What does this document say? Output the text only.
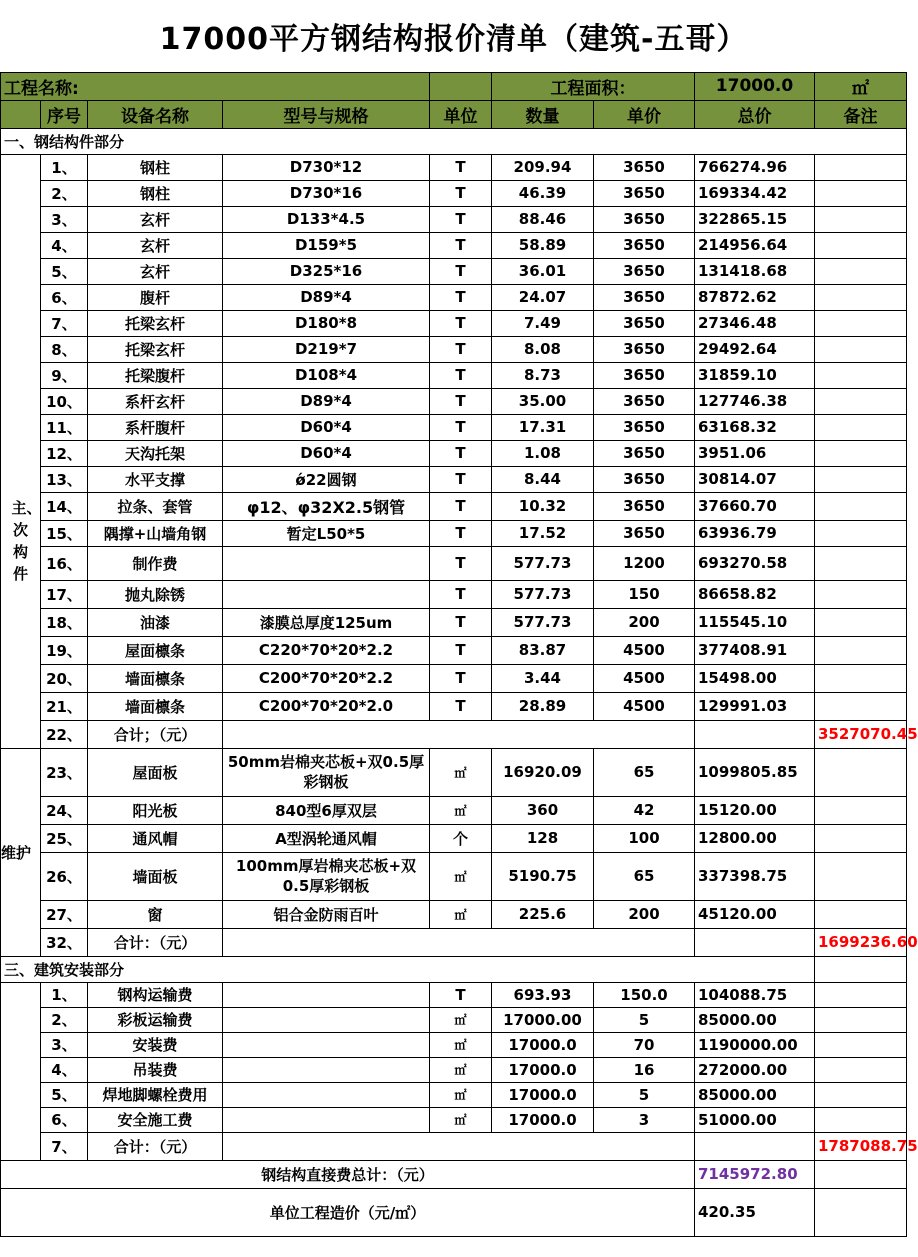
17000平方钢结构报价清单（建筑-五哥）									
工程名称:					工程面积：		17000.0	㎡	
	序号	设备名称	型号与规格	单位	数量	单价	总价	备注	
一、钢结构件部分									

主、次构件	1、	钢柱	D730*12	T	209.94	3650	766274.96		
	2、	钢柱	D730*16	T	46.39	3650	169334.42		
	3、	玄杆	D133*4.5	T	88.46	3650	322865.15		
	4、	玄杆	D159*5	T	58.89	3650	214956.64		
	5、	玄杆	D325*16	T	36.01	3650	131418.68		
	6、	腹杆	D89*4	T	24.07	3650	87872.62		
	7、	托梁玄杆	D180*8	T	7.49	3650	27346.48		
	8、	托梁玄杆	D219*7	T	8.08	3650	29492.64		
	9、	托梁腹杆	D108*4	T	8.73	3650	31859.10		
	10、	系杆玄杆	D89*4	T	35.00	3650	127746.38		
	11、	系杆腹杆	D60*4	T	17.31	3650	63168.32		
	12、	天沟托架	D60*4	T	1.08	3650	3951.06		
	13、	水平支撑	ǿ22圆钢	T	8.44	3650	30814.07		
	14、	拉条、套管	φ12、φ32X2.5钢管	T	10.32	3650	37660.70		
	15、	隅撑+山墙角钢	暂定L50*5	T	17.52	3650	63936.79		
	16、	制作费		T	577.73	1200	693270.58		
	17、	抛丸除锈		T	577.73	150	86658.82		
	18、	油漆	漆膜总厚度125um	T	577.73	200	115545.10		
	19、	屋面檩条	C220*70*20*2.2	T	83.87	4500	377408.91		
	20、	墙面檩条	C200*70*20*2.2	T	3.44	4500	15498.00		
	21、	墙面檩条	C200*70*20*2.0	T	28.89	4500	129991.03		
	22、	合计；（元）						3527070.45	
维护	23、	屋面板	50mm岩棉夹芯板+双0.5厚彩钢板	㎡	16920.09	65	1099805.85		
	24、	阳光板	840型6厚双层	㎡	360	42	15120.00		
	25、	通风帽	A型涡轮通风帽	个	128	100	12800.00		
	26、	墙面板	100mm厚岩棉夹芯板+双0.5厚彩钢板	㎡	5190.75	65	337398.75		
	27、	窗	铝合金防雨百叶	㎡	225.6	200	45120.00		
	32、	合计：（元）						1699236.60	
三、建筑安装部分									
	1、	钢构运输费		T	693.93	150.0	104088.75		
	2、	彩板运输费		㎡	17000.00	5	85000.00		
	3、	安装费		㎡	17000.0	70	1190000.00		
	4、	吊装费		㎡	17000.0	16	272000.00		
	5、	焊地脚螺栓费用		㎡	17000.0	5	85000.00		
	6、	安全施工费		㎡	17000.0	3	51000.00		
	7、	合计：（元）						1787088.75	
钢结构直接费总计：（元）							7145972.80		
单位工程造价（元/㎡）							420.35		
